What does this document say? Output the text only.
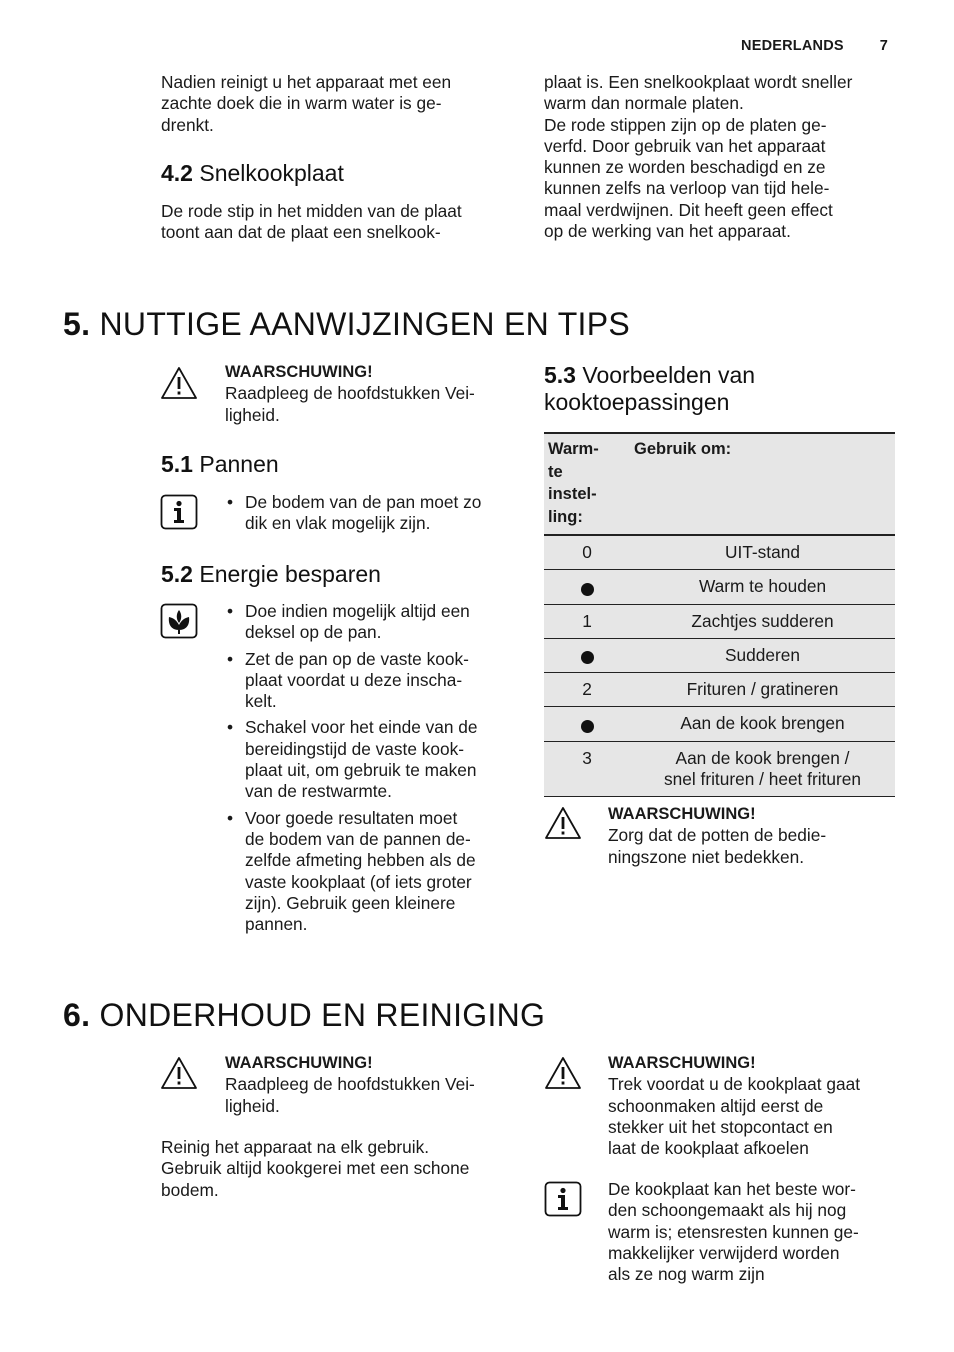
NEDERLANDS 7
Nadien reinigt u het apparaat met een
zachte doek die in warm water is ge-
drenkt.
4.2 Snelkookplaat
De rode stip in het midden van de plaat
toont aan dat de plaat een snelkook-
plaat is. Een snelkookplaat wordt sneller
warm dan normale platen.
De rode stippen zijn op de platen ge-
verfd. Door gebruik van het apparaat
kunnen ze worden beschadigd en ze
kunnen zelfs na verloop van tijd hele-
maal verdwijnen. Dit heeft geen effect
op de werking van het apparaat.
5. NUTTIGE AANWIJZINGEN EN TIPS
WAARSCHUWING!
Raadpleeg de hoofdstukken Vei-
ligheid.
5.1 Pannen
• De bodem van de pan moet zo
dik en vlak mogelijk zijn.
5.2 Energie besparen
• Doe indien mogelijk altijd een
deksel op de pan.
• Zet de pan op de vaste kook-
plaat voordat u deze inscha-
kelt.
• Schakel voor het einde van de
bereidingstijd de vaste kook-
plaat uit, om gebruik te maken
van de restwarmte.
• Voor goede resultaten moet
de bodem van de pannen de-
zelfde afmeting hebben als de
vaste kookplaat (of iets groter
zijn). Gebruik geen kleinere
pannen.
5.3 Voorbeelden van
kooktoepassingen
Warm-
te
instel-
ling:	Gebruik om:
0	UIT-stand
	Warm te houden
1	Zachtjes sudderen
	Sudderen
2	Frituren / gratineren
	Aan de kook brengen
3	Aan de kook brengen /
snel frituren / heet frituren
WAARSCHUWING!
Zorg dat de potten de bedie-
ningszone niet bedekken.
6. ONDERHOUD EN REINIGING
WAARSCHUWING!
Raadpleeg de hoofdstukken Vei-
ligheid.
Reinig het apparaat na elk gebruik.
Gebruik altijd kookgerei met een schone
bodem.
WAARSCHUWING!
Trek voordat u de kookplaat gaat
schoonmaken altijd eerst de
stekker uit het stopcontact en
laat de kookplaat afkoelen
De kookplaat kan het beste wor-
den schoongemaakt als hij nog
warm is; etensresten kunnen ge-
makkelijker verwijderd worden
als ze nog warm zijn
